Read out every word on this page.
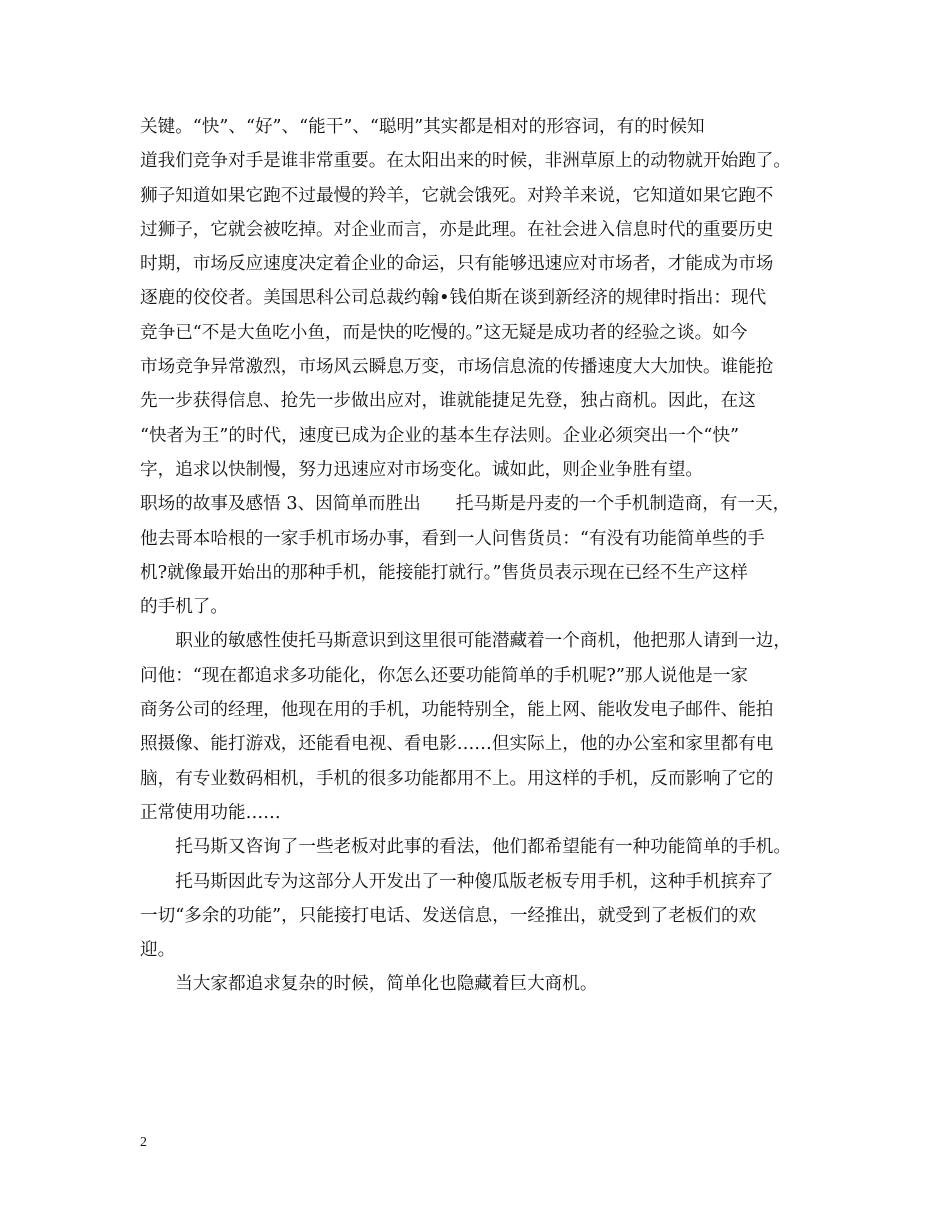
关键。“快”、“好”、“能干”、“聪明”其实都是相对的形容词，有的时候知
道我们竞争对手是谁非常重要。在太阳出来的时候，非洲草原上的动物就开始跑了。
狮子知道如果它跑不过最慢的羚羊，它就会饿死。对羚羊来说，它知道如果它跑不
过狮子，它就会被吃掉。对企业而言，亦是此理。在社会进入信息时代的重要历史
时期，市场反应速度决定着企业的命运，只有能够迅速应对市场者，才能成为市场
逐鹿的佼佼者。美国思科公司总裁约翰•钱伯斯在谈到新经济的规律时指出：现代
竞争已“不是大鱼吃小鱼，而是快的吃慢的。”这无疑是成功者的经验之谈。如今
市场竞争异常激烈，市场风云瞬息万变，市场信息流的传播速度大大加快。谁能抢
先一步获得信息、抢先一步做出应对，谁就能捷足先登，独占商机。因此，在这
“快者为王”的时代，速度已成为企业的基本生存法则。企业必须突出一个“快”
字，追求以快制慢，努力迅速应对市场变化。诚如此，则企业争胜有望。
职场的故事及感悟 3、因简单而胜出　　托马斯是丹麦的一个手机制造商，有一天，
他去哥本哈根的一家手机市场办事，看到一人问售货员：“有没有功能简单些的手
机?就像最开始出的那种手机，能接能打就行。”售货员表示现在已经不生产这样
的手机了。
　　职业的敏感性使托马斯意识到这里很可能潜藏着一个商机，他把那人请到一边，
问他：“现在都追求多功能化，你怎么还要功能简单的手机呢?”那人说他是一家
商务公司的经理，他现在用的手机，功能特别全，能上网、能收发电子邮件、能拍
照摄像、能打游戏，还能看电视、看电影……但实际上，他的办公室和家里都有电
脑，有专业数码相机，手机的很多功能都用不上。用这样的手机，反而影响了它的
正常使用功能……
　　托马斯又咨询了一些老板对此事的看法，他们都希望能有一种功能简单的手机。
　　托马斯因此专为这部分人开发出了一种傻瓜版老板专用手机，这种手机摈弃了
一切“多余的功能”，只能接打电话、发送信息，一经推出，就受到了老板们的欢
迎。
　　当大家都追求复杂的时候，简单化也隐藏着巨大商机。
2
